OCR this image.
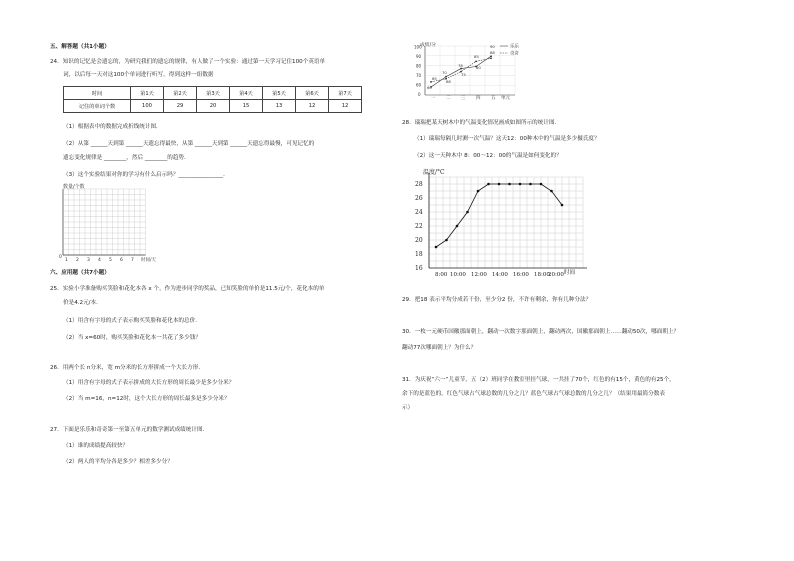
五、解答题（共1小题）
24．知识的记忆是会遗忘的，为研究我们的遗忘的规律，有人做了一个实验：通过第一天学习记住100个英语单
词，以后每一天对这100个单词进行听写，得到这样一组数据
时间	第1天	第2天	第3天	第4天	第5天	第6天	第7天
记住的单词个数	100	29	20	15	13	12	12
（1）根据表中的数据完成折线统计图．
（2）从第 ______天到第 ______天遗忘得最快，从第 ______天到第 ______天遗忘得最慢，可见记忆的
遗忘变化规律是 ________，然后 ________的趋势．
（3）这个实验结果对你的学习有什么启示吗？________________．
数量/个数
0
1 2 3 4 5 6 7 时间/天
六、应用题（共7小题）
25．实验小学准备购买笑脸和花化本各 x 个，作为进步同学的奖品，已知笑脸的单价是11.5元/个，花化本的单
价是4.2元/本．
（1）用含有字母的式子表示购买笑脸和花化本的总价．
（2）当 x=60时，购买笑脸和花化本一共花了多少钱？
26．用两个长 n分米，宽 m分米的长方形拼成一个大长方形．
（1）用含有字母的式子表示拼成的大长方形的周长最少是多少分米？
（2）当 m=16，n=12时，这个大长方形的周长最多是多少分米？
27．下面是乐乐和奇奇第一至第五单元的数学测试成绩统计图．
（1）谁的成绩提高较快？
（2）两人的平均分各是多少？相差多少分？
成绩/分
100
90
80
70
60
0
一 二 三 四 五 单元
90
88
85
80
78
70	75
65
68
60
乐乐
奇奇
28．瑞瑞把某天树木中的气温变化情况画成如图所示的统计图．
（1）瑞瑞每隔几时测一次气温？这天12：00种木中的气温是多少摄氏度？
（2）这一天种木中 8：00～12：00的气温是如何变化的？
温度/°C
28
26
24
22
20
18
16
8:00 10:00 12:00 14:00 16:00 18:00
20:00 时间
29．把18 表示平均分成若干份，至少分2 份，不许有剩余，你有几种分法？
30．一枚一元硬币国徽那面朝上，翻动一次数字那面朝上，翻动两次，国徽那面朝上……翻动50次，哪面朝上？
翻动77次哪面朝上？为什么？
31．为庆祝“六一”儿童节，五（2）班同学在教室里挂气球，一共挂了70个，红色的有15个，黄色的有25个，
余下的是蓝色的，红色气球占气球总数的几分之几？蓝色气球占气球总数的几分之几？（结果用最简分数表
示）
